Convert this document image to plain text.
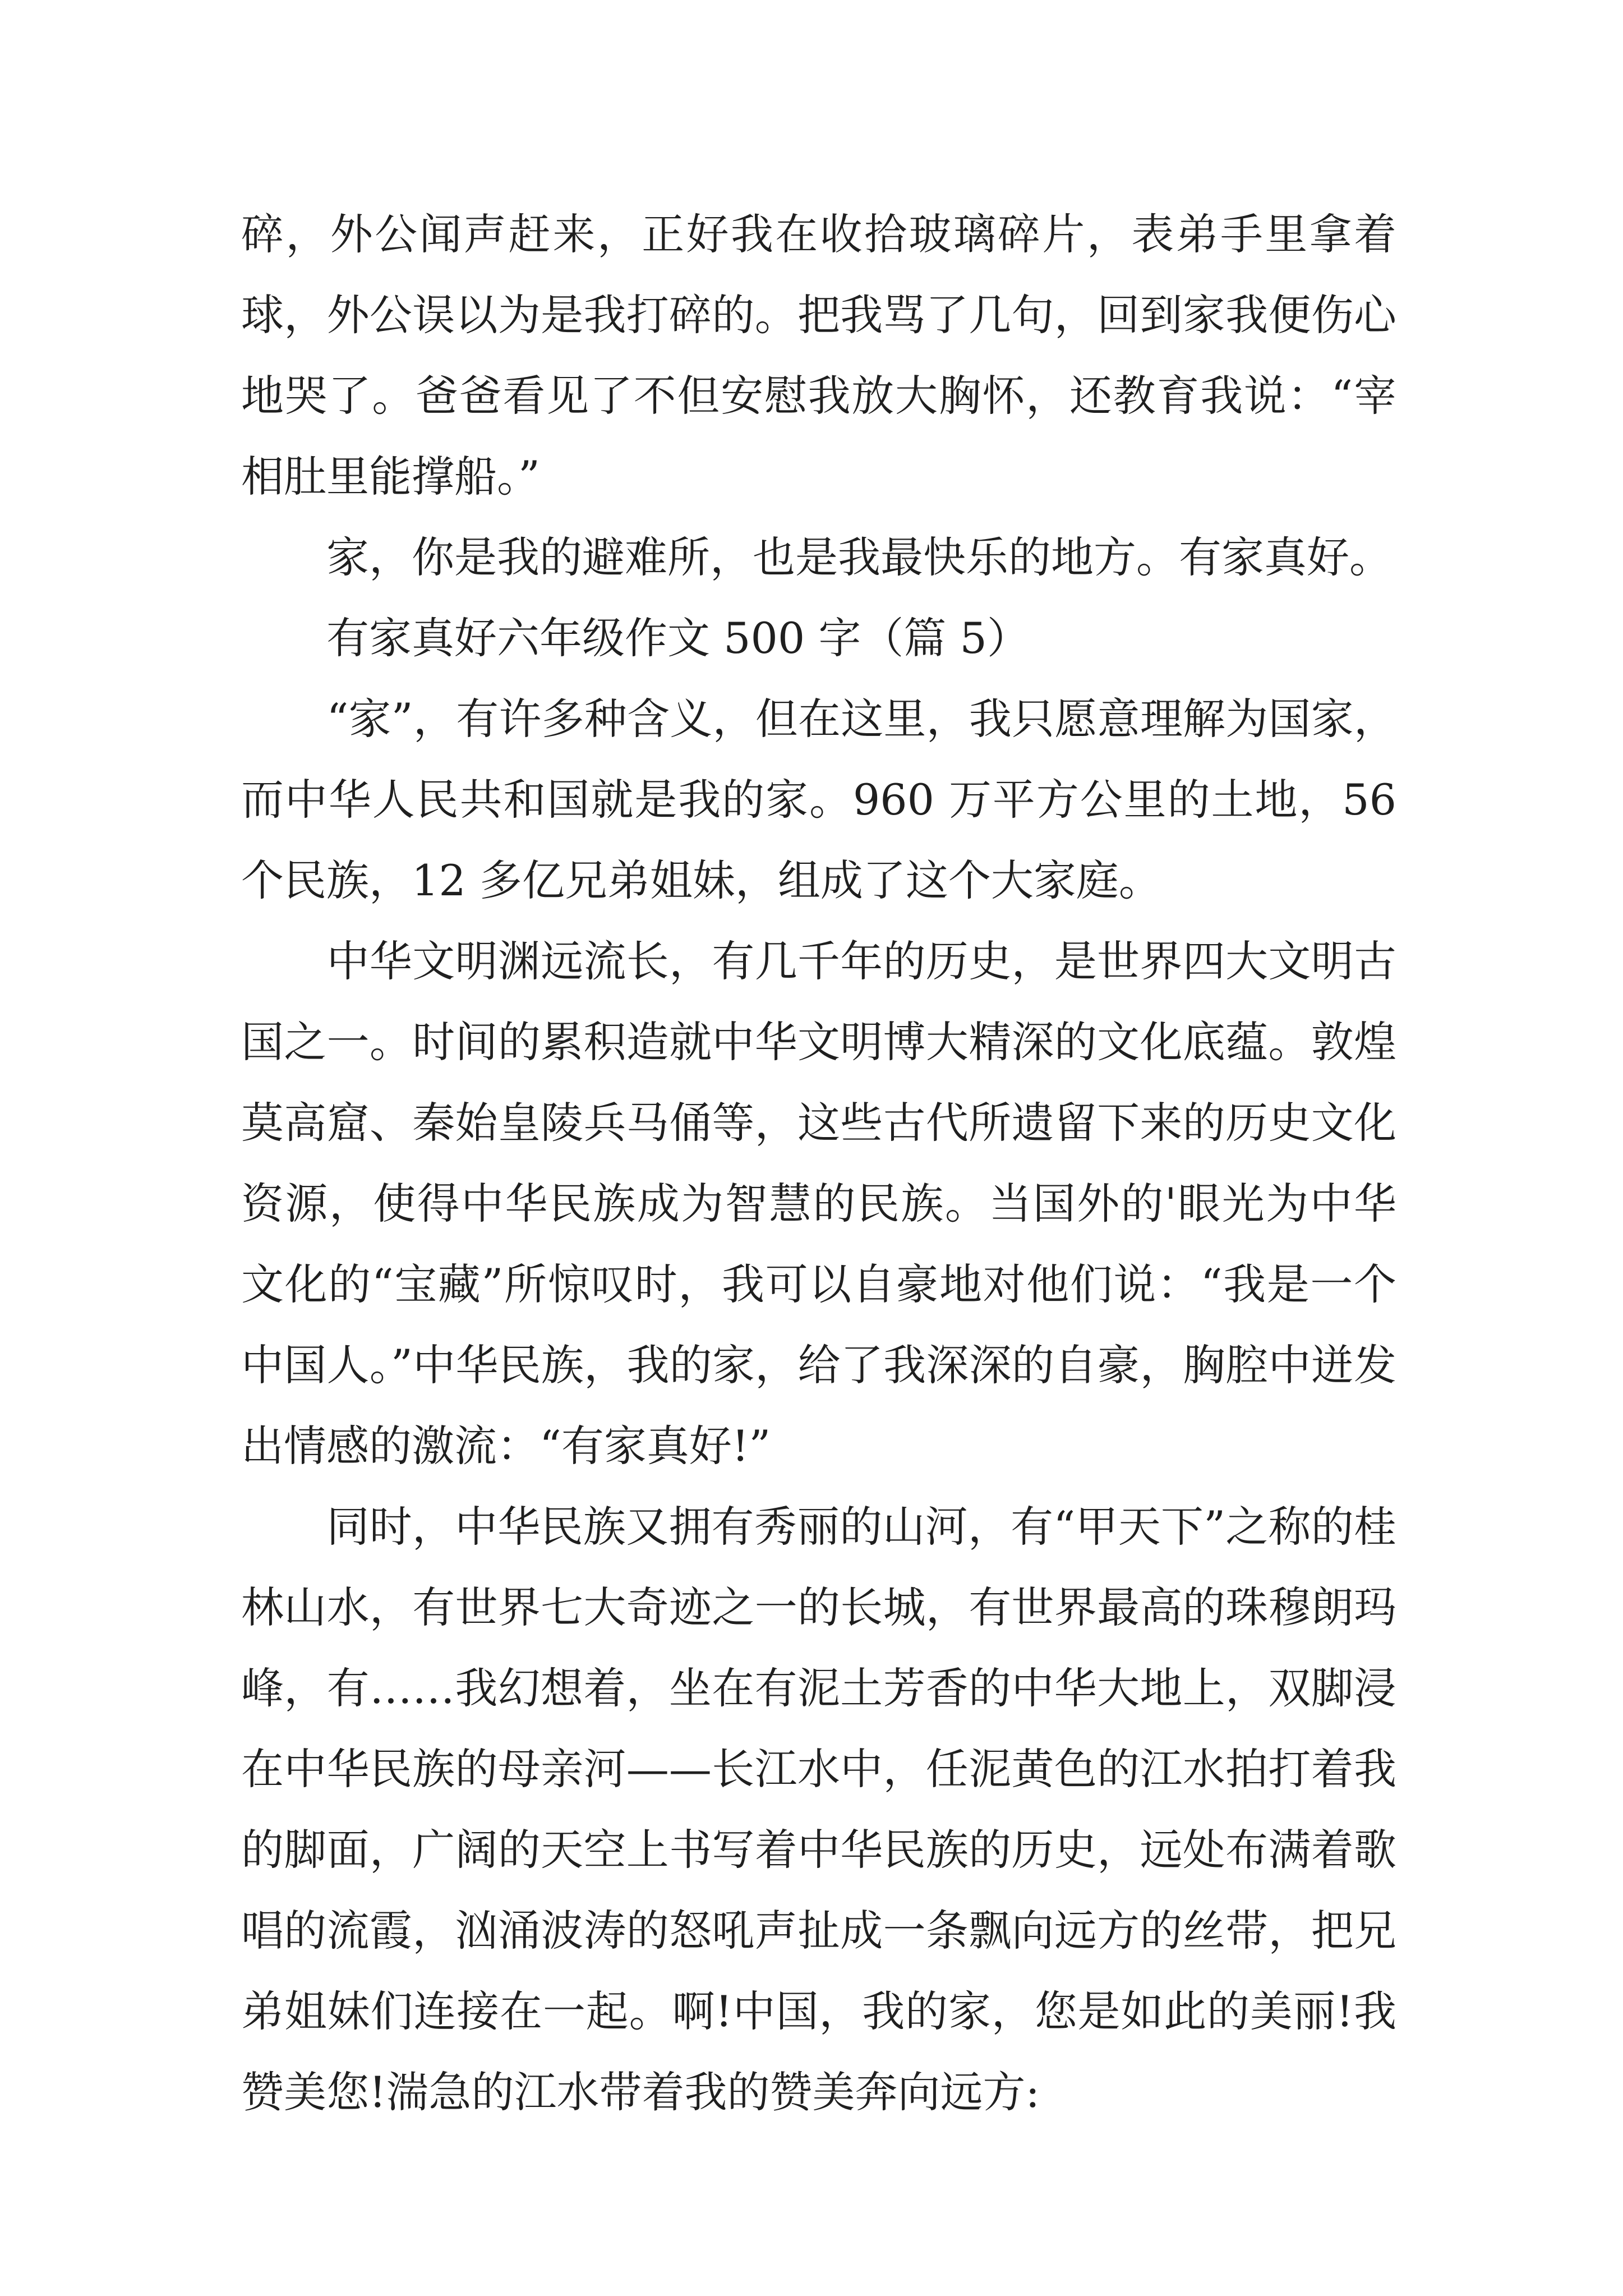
碎，外公闻声赶来，正好我在收拾玻璃碎片，表弟手里拿着球，外公误以为是我打碎的。把我骂了几句，回到家我便伤心地哭了。爸爸看见了不但安慰我放大胸怀，还教育我说：“宰相肚里能撑船。”

　　家，你是我的避难所，也是我最快乐的地方。有家真好。

　　有家真好六年级作文 500 字（篇 5）

　　“家”，有许多种含义，但在这里，我只愿意理解为国家，而中华人民共和国就是我的家。960 万平方公里的土地，56 个民族，12 多亿兄弟姐妹，组成了这个大家庭。

　　中华文明渊远流长，有几千年的历史，是世界四大文明古国之一。时间的累积造就中华文明博大精深的文化底蕴。敦煌莫高窟、秦始皇陵兵马俑等，这些古代所遗留下来的历史文化资源，使得中华民族成为智慧的民族。当国外的'眼光为中华文化的“宝藏”所惊叹时，我可以自豪地对他们说：“我是一个中国人。”中华民族，我的家，给了我深深的自豪，胸腔中迸发出情感的激流：“有家真好!”

　　同时，中华民族又拥有秀丽的山河，有“甲天下”之称的桂林山水，有世界七大奇迹之一的长城，有世界最高的珠穆朗玛峰，有……我幻想着，坐在有泥土芳香的中华大地上，双脚浸在中华民族的母亲河——长江水中，任泥黄色的江水拍打着我的脚面，广阔的天空上书写着中华民族的历史，远处布满着歌唱的流霞，汹涌波涛的怒吼声扯成一条飘向远方的丝带，把兄弟姐妹们连接在一起。啊!中国，我的家，您是如此的美丽!我赞美您!湍急的江水带着我的赞美奔向远方:
